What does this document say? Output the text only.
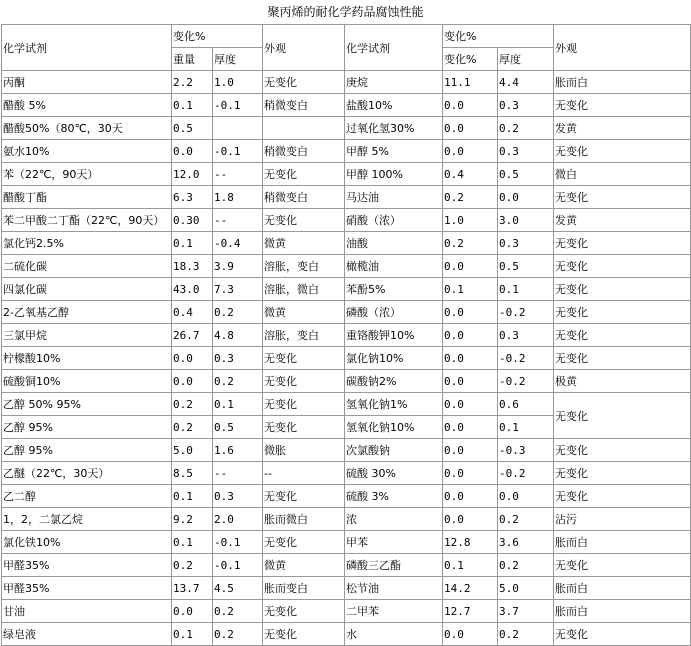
聚丙烯的耐化学药品腐蚀性能
化学试剂	变化%		外观	化学试剂	变化%		外观
	重量	厚度			变化%	厚度	
丙酮	2.2	1.0	无变化	庚烷	11.1	4.4	胀而白
醋酸 5%	0.1	-0.1	稍微变白	盐酸10%	0.0	0.3	无变化
醋酸50%（80℃，30天	0.5			过氧化氢30%	0.0	0.2	发黄
氨水10%	0.0	-0.1	稍微变白	甲醇 5%	0.0	0.3	无变化
苯（22℃，90天）	12.0	--	无变化	甲醇 100%	0.4	0.5	微白
醋酸丁酯	6.3	1.8	稍微变白	马达油	0.2	0.0	无变化
苯二甲酸二丁酯（22℃，90天）	0.30	--	无变化	硝酸（浓）	1.0	3.0	发黄
氯化钙2.5%	0.1	-0.4	微黄	油酸	0.2	0.3	无变化
二硫化碳	18.3	3.9	溶胀，变白	橄榄油	0.0	0.5	无变化
四氯化碳	43.0	7.3	溶胀，微白	苯酚5%	0.1	0.1	无变化
2-乙氧基乙醇	0.4	0.2	微黄	磷酸（浓）	0.0	-0.2	无变化
三氯甲烷	26.7	4.8	溶胀，变白	重铬酸钾10%	0.0	0.3	无变化
柠檬酸10%	0.0	0.3	无变化	氯化钠10%	0.0	-0.2	无变化
硫酸铜10%	0.0	0.2	无变化	碳酸钠2%	0.0	-0.2	极黄
乙醇 50% 95%	0.2	0.1	无变化	氢氧化钠1%	0.0	0.6	无变化
乙醇 95%	0.2	0.5	无变化	氢氧化钠10%	0.0	0.1	
乙醇 95%	5.0	1.6	微胀	次氯酸钠	0.0	-0.3	无变化
乙醚（22℃，30天）	8.5	--	--	硫酸 30%	0.0	-0.2	无变化
乙二醇	0.1	0.3	无变化	硫酸 3%	0.0	0.0	无变化
1，2，二氯乙烷	9.2	2.0	胀而微白	浓	0.0	0.2	沾污
氯化铁10%	0.1	-0.1	无变化	甲苯	12.8	3.6	胀而白
甲醛35%	0.2	-0.1	微黄	磷酸三乙酯	0.1	0.2	无变化
甲醛35%	13.7	4.5	胀而变白	松节油	14.2	5.0	胀而白
甘油	0.0	0.2	无变化	二甲苯	12.7	3.7	胀而白
绿皂液	0.1	0.2	无变化	水	0.0	0.2	无变化
